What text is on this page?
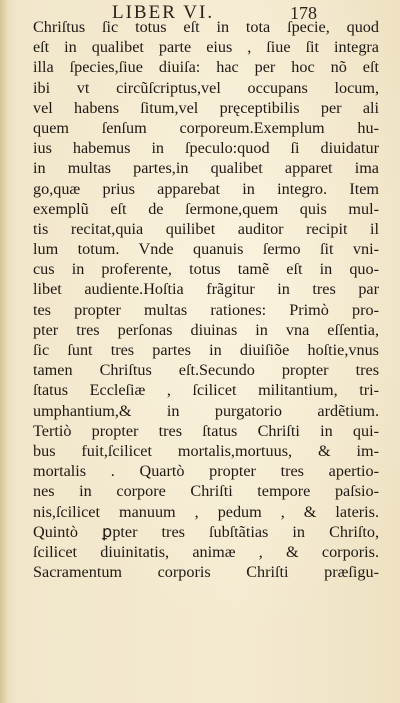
LIBER VI.	178
Chriſtus ſic totus eſt in tota ſpecie, quod
eſt in qualibet parte eius , ſiue ſit integra
illa ſpecies,ſiue diuiſa: hac per hoc nõ eſt
ibi vt circũſcriptus,vel occupans locum,
vel habens ſitum,vel pręceptibilis per ali
quem ſenſum corporeum.Exemplum hu-
ius habemus in ſpeculo:quod ſi diuidatur
in multas partes,in qualibet apparet ima
go,quæ prius apparebat in integro. Item
exemplũ eſt de ſermone,quem quis mul-
tis recitat,quia quilibet auditor recipit il
lum totum. Vnde quanuis ſermo ſit vni-
cus in proferente, totus tamẽ eſt in quo-
libet audiente.Hoſtia frãgitur in tres par
tes propter multas rationes: Primò pro-
pter tres perſonas diuinas in vna eſſentia,
ſic ſunt tres partes in diuiſiõe hoſtie,vnus
tamen Chriſtus eſt.Secundo propter tres
ſtatus Eccleſiæ , ſcilicet militantium, tri-
umphantium,& in purgatorio ardẽtium.
Tertiò propter tres ſtatus Chriſti in qui-
bus fuit,ſcilicet mortalis,mortuus, & im-
mortalis . Quartò propter tres apertio-
nes in corpore Chriſti tempore paſsio-
nis,ſcilicet manuum , pedum , & lateris.
Quintò ꝑpter tres ſubſtãtias in Chriſto,
ſcilicet diuinitatis, animæ , & corporis.
Sacramentum corporis Chriſti præſigu-
